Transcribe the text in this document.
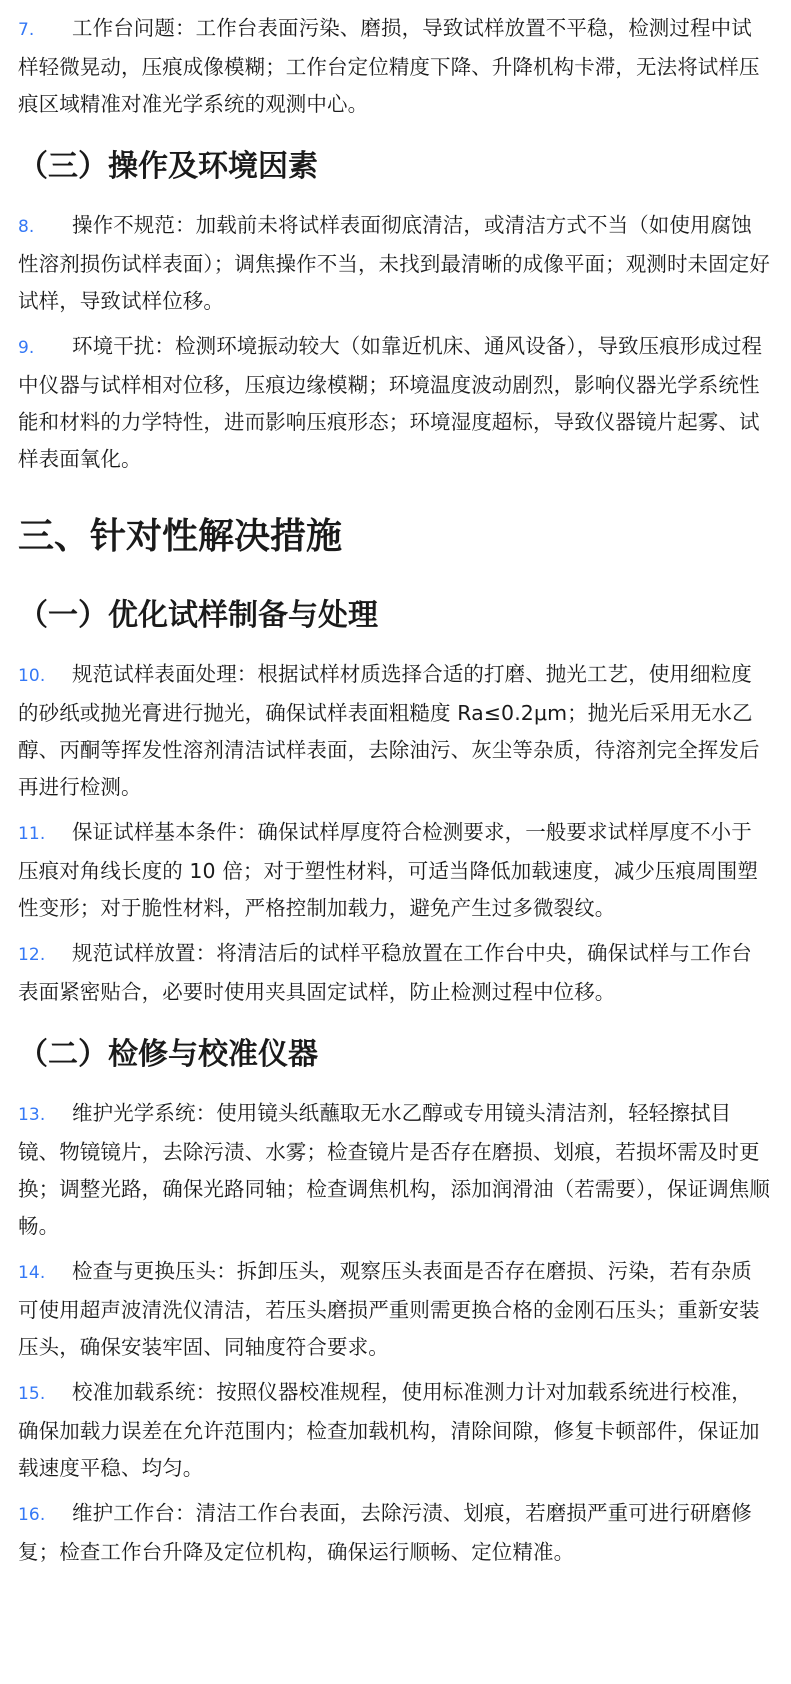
7. 工作台问题：工作台表面污染、磨损，导致试样放置不平稳，检测过程中试样轻微晃动，压痕成像模糊；工作台定位精度下降、升降机构卡滞，无法将试样压痕区域精准对准光学系统的观测中心。

（三）操作及环境因素

8. 操作不规范：加载前未将试样表面彻底清洁，或清洁方式不当（如使用腐蚀性溶剂损伤试样表面）；调焦操作不当，未找到最清晰的成像平面；观测时未固定好试样，导致试样位移。

9. 环境干扰：检测环境振动较大（如靠近机床、通风设备），导致压痕形成过程中仪器与试样相对位移，压痕边缘模糊；环境温度波动剧烈，影响仪器光学系统性能和材料的力学特性，进而影响压痕形态；环境湿度超标，导致仪器镜片起雾、试样表面氧化。

三、针对性解决措施
（一）优化试样制备与处理

10. 规范试样表面处理：根据试样材质选择合适的打磨、抛光工艺，使用细粒度的砂纸或抛光膏进行抛光，确保试样表面粗糙度 Ra≤0.2μm；抛光后采用无水乙醇、丙酮等挥发性溶剂清洁试样表面，去除油污、灰尘等杂质，待溶剂完全挥发后再进行检测。

11. 保证试样基本条件：确保试样厚度符合检测要求，一般要求试样厚度不小于压痕对角线长度的 10 倍；对于塑性材料，可适当降低加载速度，减少压痕周围塑性变形；对于脆性材料，严格控制加载力，避免产生过多微裂纹。

12. 规范试样放置：将清洁后的试样平稳放置在工作台中央，确保试样与工作台表面紧密贴合，必要时使用夹具固定试样，防止检测过程中位移。

（二）检修与校准仪器

13. 维护光学系统：使用镜头纸蘸取无水乙醇或专用镜头清洁剂，轻轻擦拭目镜、物镜镜片，去除污渍、水雾；检查镜片是否存在磨损、划痕，若损坏需及时更换；调整光路，确保光路同轴；检查调焦机构，添加润滑油（若需要），保证调焦顺畅。

14. 检查与更换压头：拆卸压头，观察压头表面是否存在磨损、污染，若有杂质可使用超声波清洗仪清洁，若压头磨损严重则需更换合格的金刚石压头；重新安装压头，确保安装牢固、同轴度符合要求。

15. 校准加载系统：按照仪器校准规程，使用标准测力计对加载系统进行校准，确保加载力误差在允许范围内；检查加载机构，清除间隙，修复卡顿部件，保证加载速度平稳、均匀。

16. 维护工作台：清洁工作台表面，去除污渍、划痕，若磨损严重可进行研磨修复；检查工作台升降及定位机构，确保运行顺畅、定位精准。
